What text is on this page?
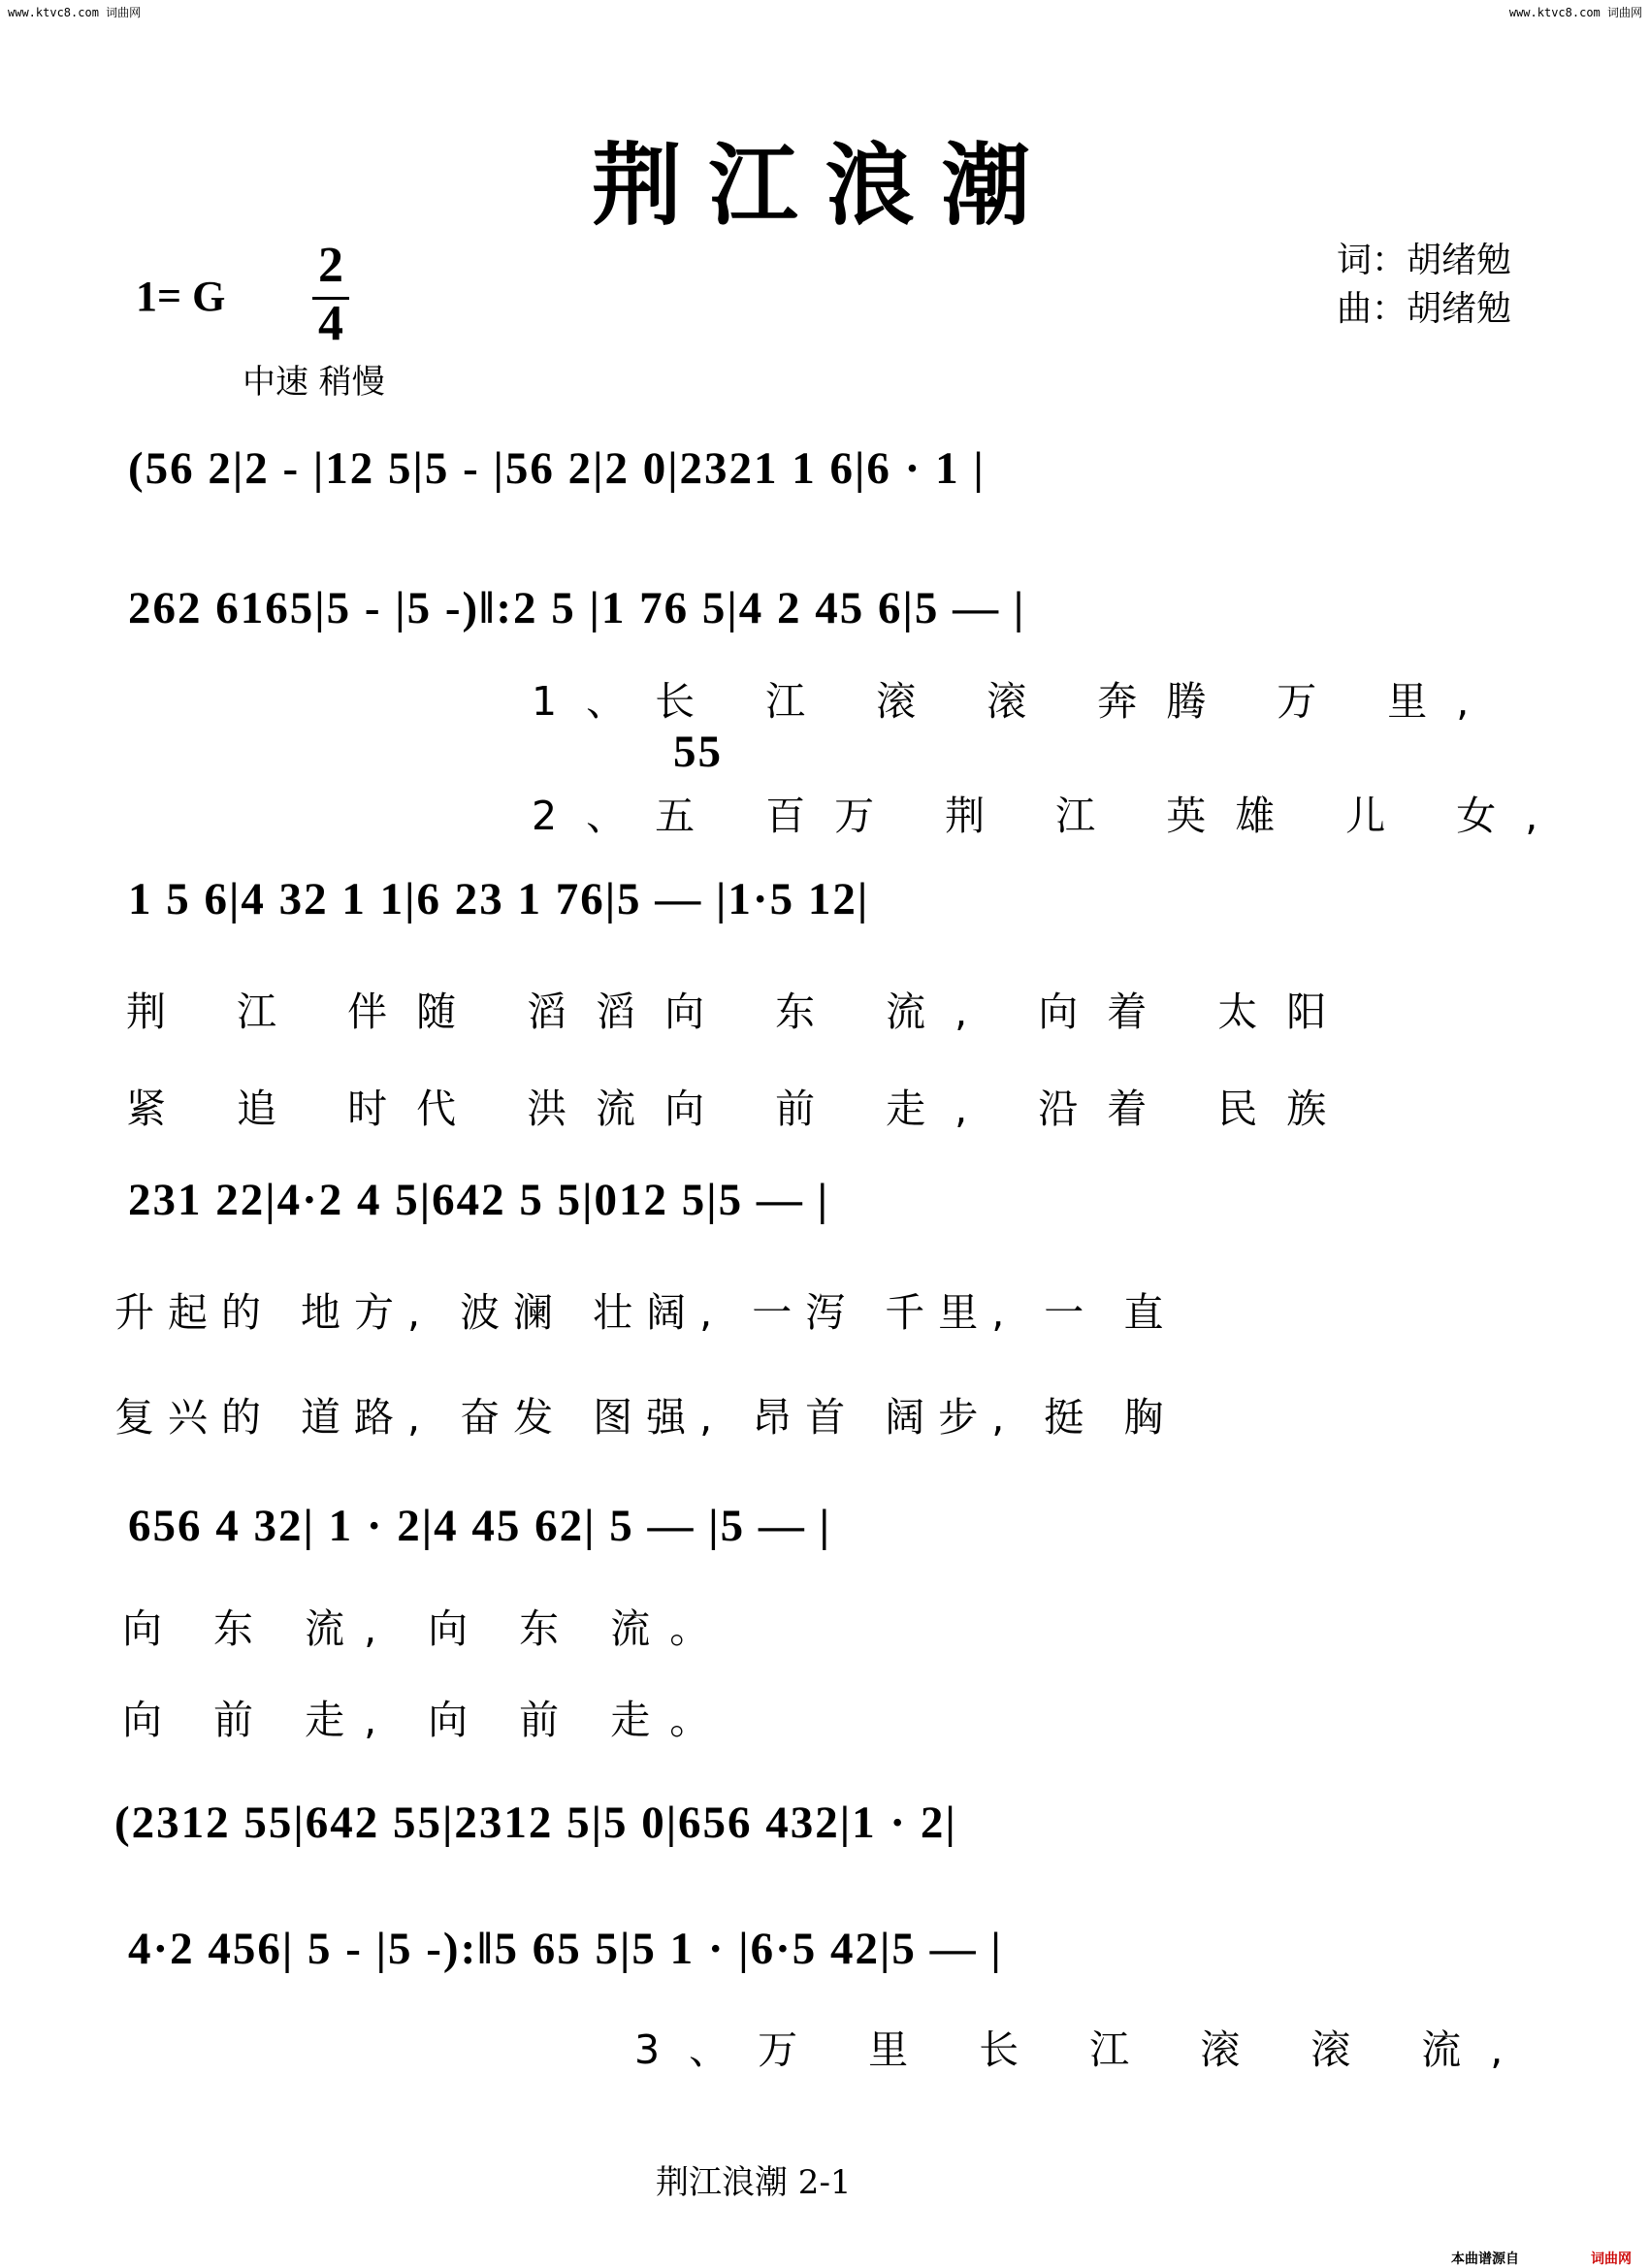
www.ktvc8.com 词曲网	www.ktvc8.com 词曲网
荆江浪潮
1= G
2
4
词：胡绪勉
曲：胡绪勉
中速 稍慢
(56 2|2 - |12 5|5 - |56 2|2 0|2321 1 6|6 · 1 |
262 6165|5 - |5 -)‖:2 5 |1 76 5|4 2 45 6|5 — |
1、长 江 滚 滚 奔腾 万 里,
55
2、五 百万 荆 江 英雄 儿 女,
1 5 6|4 32 1 1|6 23 1 76|5 — |1·5 12|
荆 江 伴随 滔滔向 东 流, 向着 太阳
紧 追 时代 洪流向 前 走, 沿着 民族
231 22|4·2 4 5|642 5 5|012 5|5 — |
升起的 地方, 波澜 壮阔, 一泻 千里, 一 直
复兴的 道路, 奋发 图强, 昂首 阔步, 挺 胸
656 4 32| 1 · 2|4 45 62| 5 — |5 — |
向 东 流, 向 东 流。
向 前 走, 向 前 走。
(2312 55|642 55|2312 5|5 0|656 432|1 · 2|
4·2 456| 5 - |5 -):‖5 65 5|5 1 · |6·5 42|5 — |
3、万 里 长 江 滚 滚 流,
荆江浪潮 2-1
本曲谱源自	词曲网
